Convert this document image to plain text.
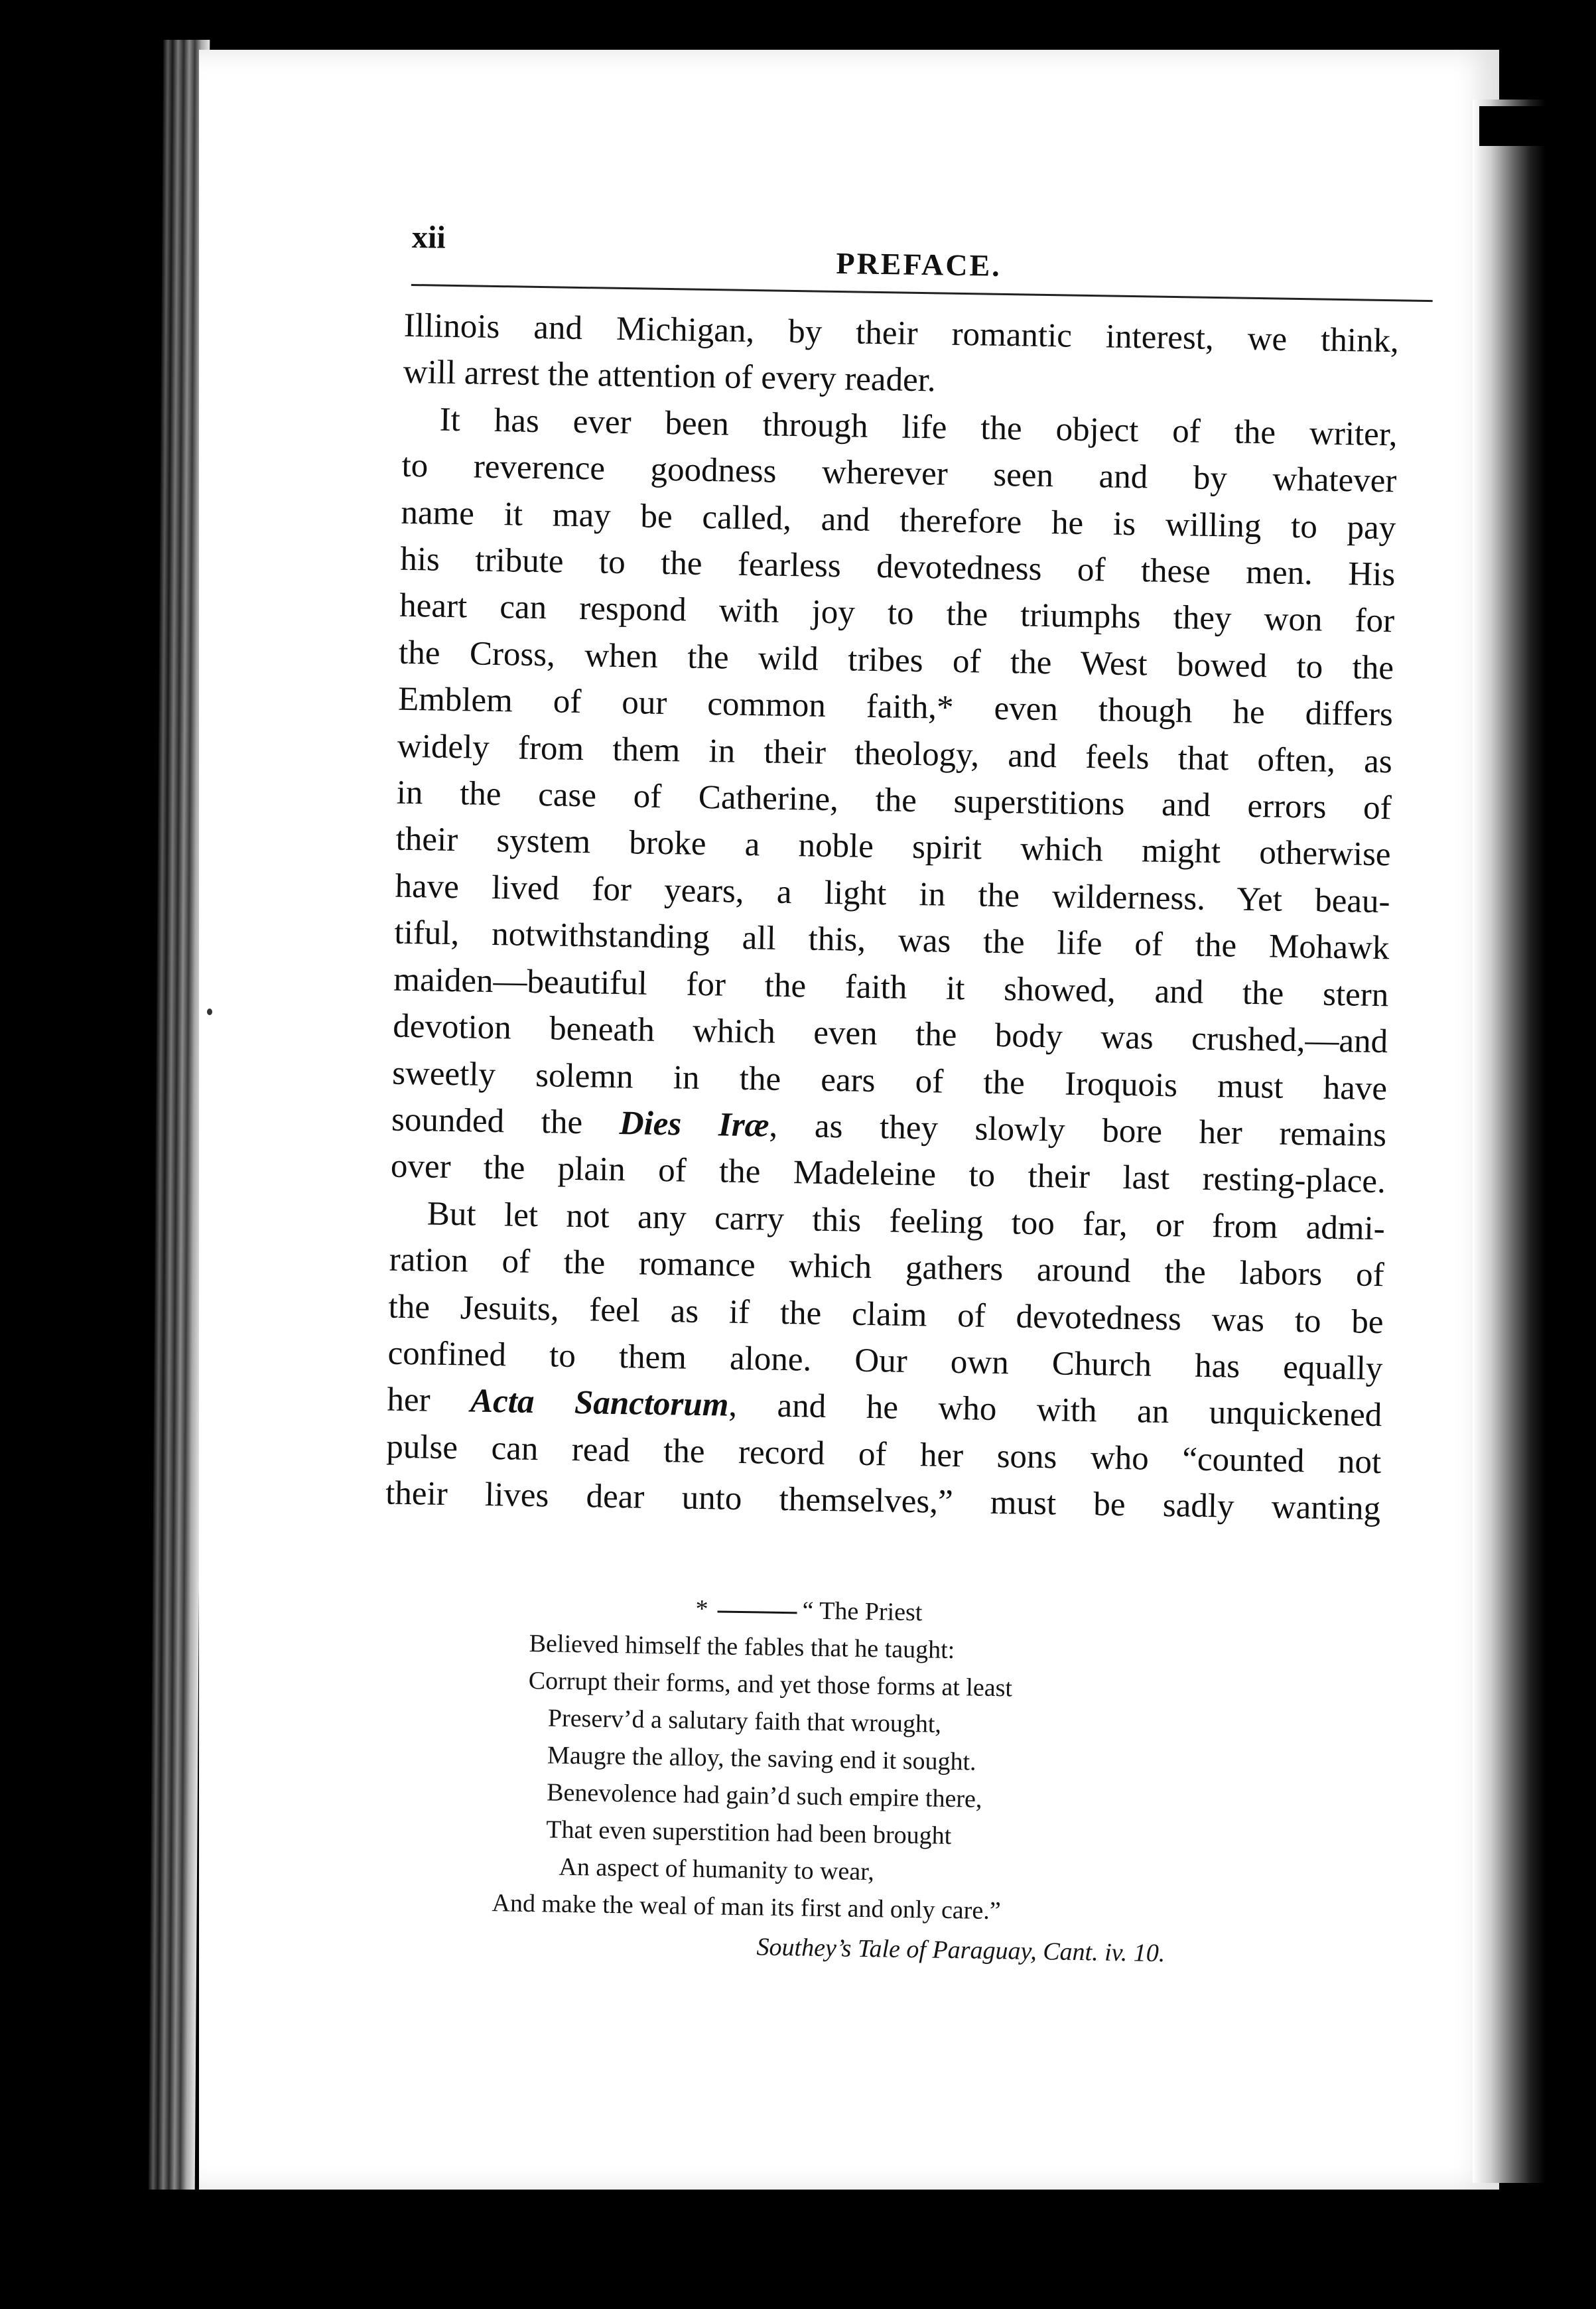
xii
PREFACE.
Illinois and Michigan, by their romantic interest, we think,
will arrest the attention of every reader.
It has ever been through life the object of the writer,
to reverence goodness wherever seen and by whatever
name it may be called, and therefore he is willing to pay
his tribute to the fearless devotedness of these men. His
heart can respond with joy to the triumphs they won for
the Cross, when the wild tribes of the West bowed to the
Emblem of our common faith,* even though he differs
widely from them in their theology, and feels that often, as
in the case of Catherine, the superstitions and errors of
their system broke a noble spirit which might otherwise
have lived for years, a light in the wilderness. Yet beau-
tiful, notwithstanding all this, was the life of the Mohawk
maiden—beautiful for the faith it showed, and the stern
devotion beneath which even the body was crushed,—and
sweetly solemn in the ears of the Iroquois must have
sounded the Dies Iræ, as they slowly bore her remains
over the plain of the Madeleine to their last resting-place.
But let not any carry this feeling too far, or from admi-
ration of the romance which gathers around the labors of
the Jesuits, feel as if the claim of devotedness was to be
confined to them alone. Our own Church has equally
her Acta Sanctorum, and he who with an unquickened
pulse can read the record of her sons who “counted not
their lives dear unto themselves,” must be sadly wanting
*	“ The Priest
Believed himself the fables that he taught:
Corrupt their forms, and yet those forms at least
Preserv’d a salutary faith that wrought,
Maugre the alloy, the saving end it sought.
Benevolence had gain’d such empire there,
That even superstition had been brought
An aspect of humanity to wear,
And make the weal of man its first and only care.”
Southey’s Tale of Paraguay, Cant. iv. 10.
